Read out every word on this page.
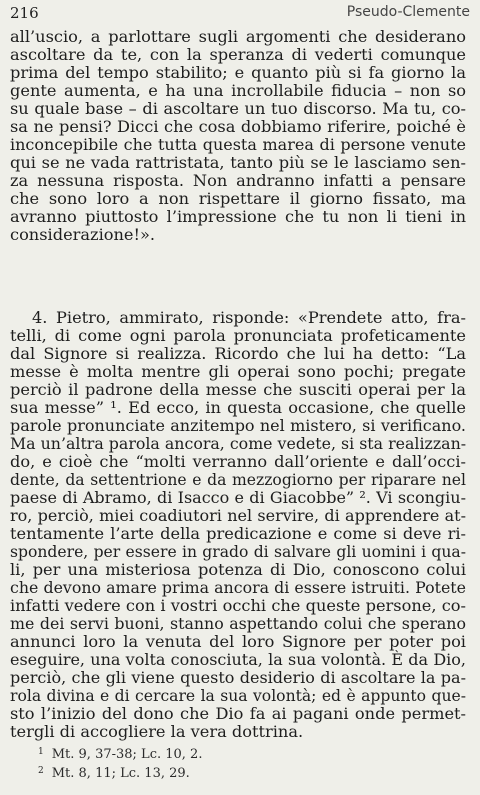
216	Pseudo-Clemente
all’uscio, a parlottare sugli argomenti che desiderano
ascoltare da te, con la speranza di vederti comunque
prima del tempo stabilito; e quanto più si fa giorno la
gente aumenta, e ha una incrollabile fiducia – non so
su quale base – di ascoltare un tuo discorso. Ma tu, co-
sa ne pensi? Dicci che cosa dobbiamo riferire, poiché è
inconcepibile che tutta questa marea di persone venute
qui se ne vada rattristata, tanto più se le lasciamo sen-
za nessuna risposta. Non andranno infatti a pensare
che sono loro a non rispettare il giorno fissato, ma
avranno piuttosto l’impressione che tu non li tieni in
considerazione!».
4. Pietro, ammirato, risponde: «Prendete atto, fra-
telli, di come ogni parola pronunciata profeticamente
dal Signore si realizza. Ricordo che lui ha detto: “La
messe è molta mentre gli operai sono pochi; pregate
perciò il padrone della messe che susciti operai per la
sua messe” ¹. Ed ecco, in questa occasione, che quelle
parole pronunciate anzitempo nel mistero, si verificano.
Ma un’altra parola ancora, come vedete, si sta realizzan-
do, e cioè che “molti verranno dall’oriente e dall’occi-
dente, da settentrione e da mezzogiorno per riparare nel
paese di Abramo, di Isacco e di Giacobbe” ². Vi scongiu-
ro, perciò, miei coadiutori nel servire, di apprendere at-
tentamente l’arte della predicazione e come si deve ri-
spondere, per essere in grado di salvare gli uomini i qua-
li, per una misteriosa potenza di Dio, conoscono colui
che devono amare prima ancora di essere istruiti. Potete
infatti vedere con i vostri occhi che queste persone, co-
me dei servi buoni, stanno aspettando colui che sperano
annunci loro la venuta del loro Signore per poter poi
eseguire, una volta conosciuta, la sua volontà. È da Dio,
perciò, che gli viene questo desiderio di ascoltare la pa-
rola divina e di cercare la sua volontà; ed è appunto que-
sto l’inizio del dono che Dio fa ai pagani onde permet-
tergli di accogliere la vera dottrina.
$^1$ Mt. 9, 37-38; Lc. 10, 2.
$^2$ Mt. 8, 11; Lc. 13, 29.
